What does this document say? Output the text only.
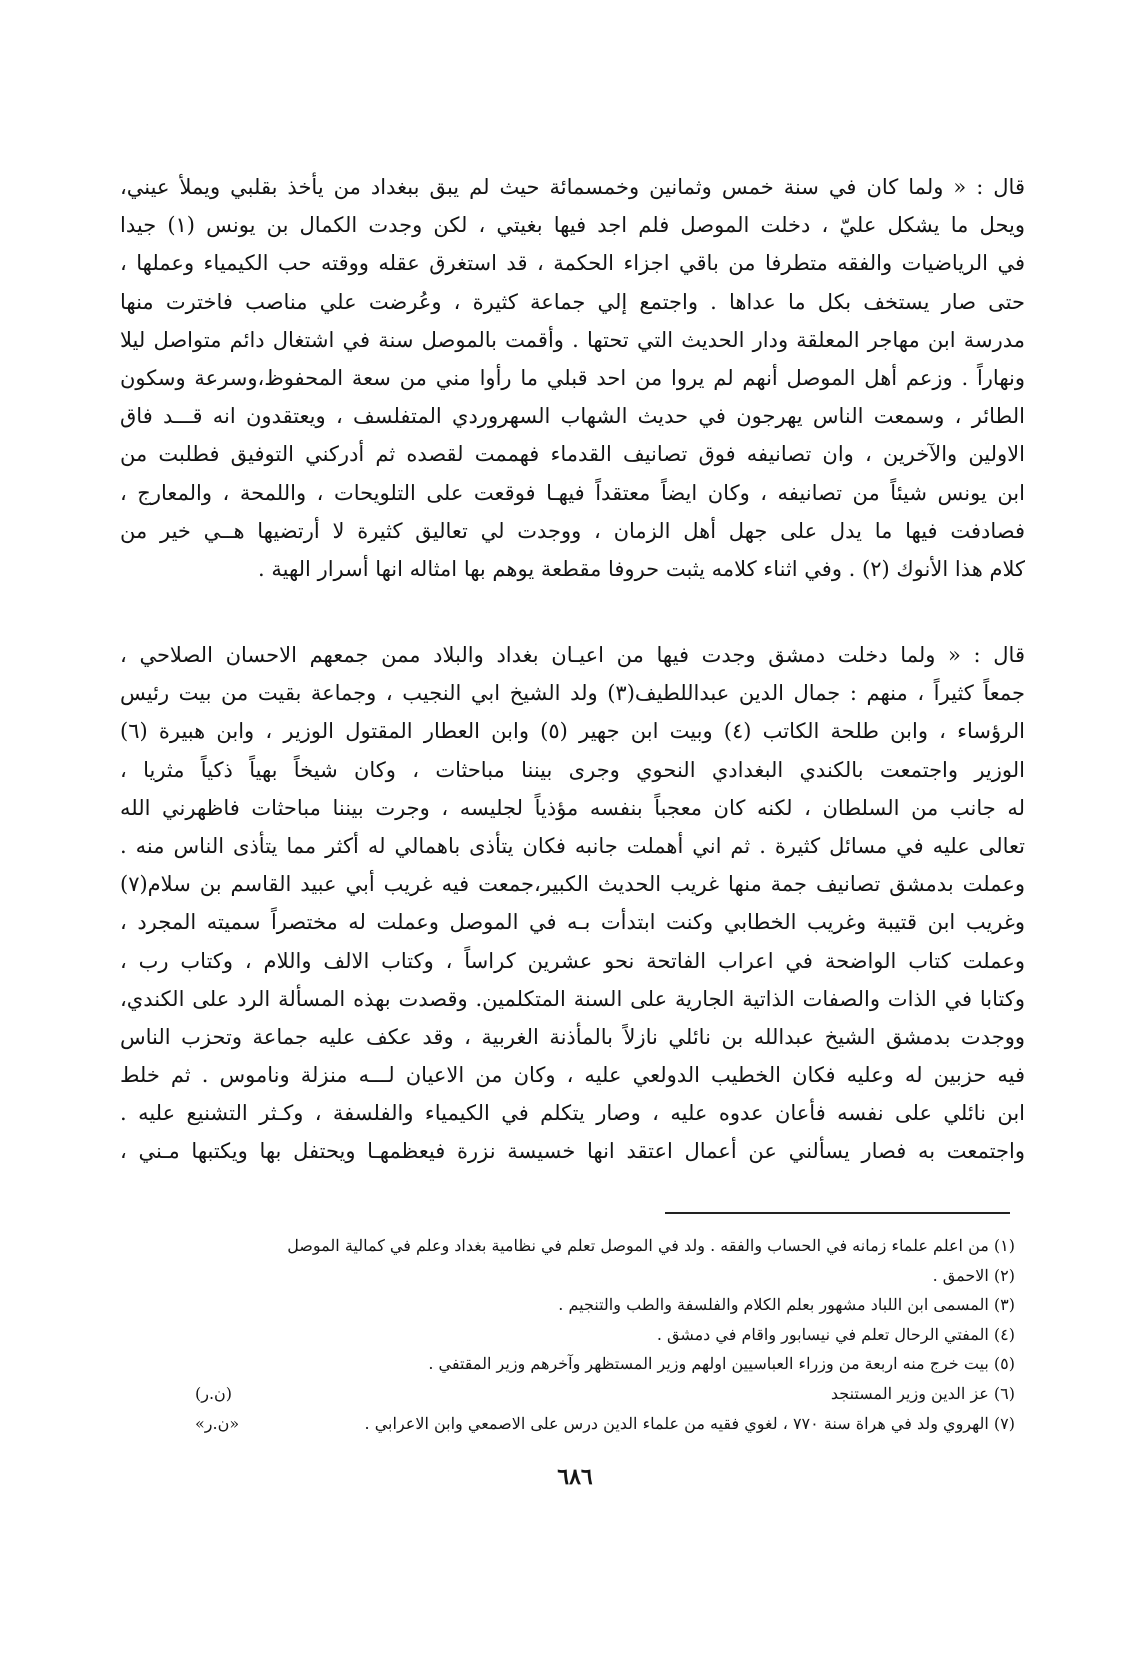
قال : « ولما كان في سنة خمس وثمانين وخمسمائة حيث لم يبق ببغداد من يأخذ بقلبي ويملأ عيني،
ويحل ما يشكل عليّ ، دخلت الموصل فلم اجد فيها بغيتي ، لكن وجدت الكمال بن يونس (١) جيدا
في الرياضيات والفقه متطرفا من باقي اجزاء الحكمة ، قد استغرق عقله ووقته حب الكيمياء وعملها ،
حتى صار يستخف بكل ما عداها . واجتمع إلي جماعة كثيرة ، وعُرضت علي مناصب فاخترت منها
مدرسة ابن مهاجر المعلقة ودار الحديث التي تحتها . وأقمت بالموصل سنة في اشتغال دائم متواصل ليلا
ونهاراً . وزعم أهل الموصل أنهم لم يروا من احد قبلي ما رأوا مني من سعة المحفوظ،وسرعة وسكون
الطائر ، وسمعت الناس يهرجون في حديث الشهاب السهروردي المتفلسف ، ويعتقدون انه قـــد فاق
الاولين والآخرين ، وان تصانيفه فوق تصانيف القدماء فهممت لقصده ثم أدركني التوفيق فطلبت من
ابن يونس شيئاً من تصانيفه ، وكان ايضاً معتقداً فيهـا فوقعت على التلويحات ، واللمحة ، والمعارج ،
فصادفت فيها ما يدل على جهل أهل الزمان ، ووجدت لي تعاليق كثيرة لا أرتضيها هــي خير من
كلام هذا الأنوك (٢) . وفي اثناء كلامه يثبت حروفا مقطعة يوهم بها امثاله انها أسرار الهية .
قال : « ولما دخلت دمشق وجدت فيها من اعيـان بغداد والبلاد ممن جمعهم الاحسان الصلاحي ،
جمعاً كثيراً ، منهم : جمال الدين عبداللطيف(٣) ولد الشيخ ابي النجيب ، وجماعة بقيت من بيت رئيس
الرؤساء ، وابن طلحة الكاتب (٤) وبيت ابن جهير (٥) وابن العطار المقتول الوزير ، وابن هبيرة (٦)
الوزير واجتمعت بالكندي البغدادي النحوي وجرى بيننا مباحثات ، وكان شيخاً بهياً ذكياً مثريا ،
له جانب من السلطان ، لكنه كان معجباً بنفسه مؤذياً لجليسه ، وجرت بيننا مباحثات فاظهرني الله
تعالى عليه في مسائل كثيرة . ثم اني أهملت جانبه فكان يتأذى باهمالي له أكثر مما يتأذى الناس منه .
وعملت بدمشق تصانيف جمة منها غريب الحديث الكبير،جمعت فيه غريب أبي عبيد القاسم بن سلام(٧)
وغريب ابن قتيبة وغريب الخطابي وكنت ابتدأت بـه في الموصل وعملت له مختصراً سميته المجرد ،
وعملت كتاب الواضحة في اعراب الفاتحة نحو عشرين كراساً ، وكتاب الالف واللام ، وكتاب رب ،
وكتابا في الذات والصفات الذاتية الجارية على السنة المتكلمين. وقصدت بهذه المسألة الرد على الكندي،
ووجدت بدمشق الشيخ عبدالله بن نائلي نازلاً بالمأذنة الغربية ، وقد عكف عليه جماعة وتحزب الناس
فيه حزبين له وعليه فكان الخطيب الدولعي عليه ، وكان من الاعيان لـــه منزلة وناموس . ثم خلط
ابن نائلي على نفسه فأعان عدوه عليه ، وصار يتكلم في الكيمياء والفلسفة ، وكـثر التشنيع عليه .
واجتمعت به فصار يسألني عن أعمال اعتقد انها خسيسة نزرة فيعظمهـا ويحتفل بها ويكتبها مـني ،
(١) من اعلم علماء زمانه في الحساب والفقه . ولد في الموصل تعلم في نظامية بغداد وعلم في كمالية الموصل
(٢) الاحمق .
(٣) المسمى ابن اللباد مشهور بعلم الكلام والفلسفة والطب والتنجيم .
(٤) المفتي الرحال تعلم في نيسابور واقام في دمشق .
(٥) بيت خرج منه اربعة من وزراء العباسيين اولهم وزير المستظهر وآخرهم وزير المقتفي .
(٦) عز الدين وزير المستنجد
(ن.ر)
(٧) الهروي ولد في هراة سنة ٧٧٠ ، لغوي فقيه من علماء الدين درس على الاصمعي وابن الاعرابي .
«ن.ر»
٦٨٦
